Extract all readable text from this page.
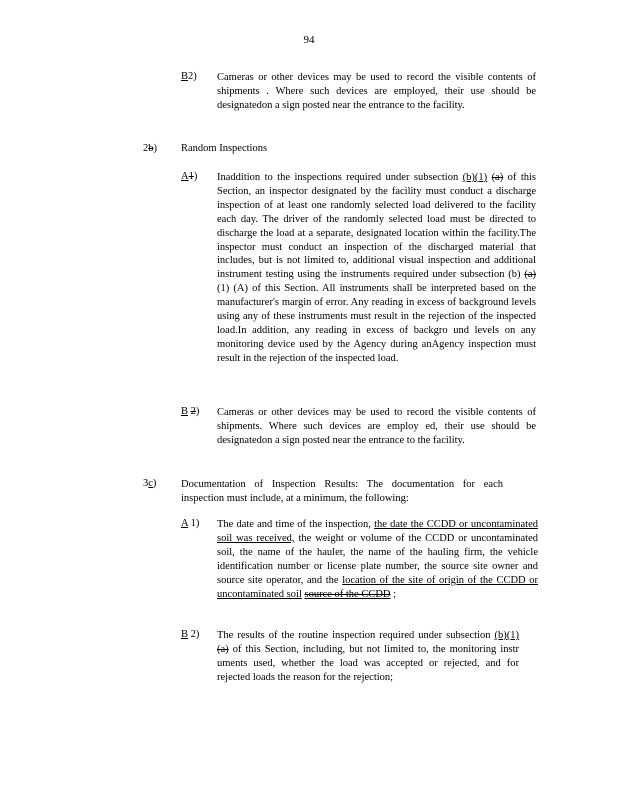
94
B2) Cameras or other devices may be used to record the visible contents of shipments . Where such devices are employed, their use should be designatedon a sign posted near the entrance to the facility.
2b) Random Inspections
A1) Inaddition to the inspections required under subsection (b)(1) (a) of this Section, an inspector designated by the facility must conduct a discharge inspection of at least one randomly selected load delivered to the facility each day. The driver of the randomly selected load must be directed to discharge the load at a separate, designated location within the facility.The inspector must conduct an inspection of the discharged material that includes, but is not limited to, additional visual inspection and additional instrument testing using the instruments required under subsection (b) (a) (1) (A) of this Section. All instruments shall be interpreted based on the manufacturer's margin of error. Any reading in excess of background levels using any of these instruments must result in the rejection of the inspected load.In addition, any reading in excess of backgro und levels on any monitoring device used by the Agency during anAgency inspection must result in the rejection of the inspected load.
B 2) Cameras or other devices may be used to record the visible contents of shipments. Where such devices are employ ed, their use should be designatedon a sign posted near the entrance to the facility.
3c) Documentation of Inspection Results: The documentation for each inspection must include, at a minimum, the following:
A 1) The date and time of the inspection, the date the CCDD or uncontaminated soil was received, the weight or volume of the CCDD or uncontaminated soil, the name of the hauler, the name of the hauling firm, the vehicle identification number or license plate number, the source site owner and source site operator, and the location of the site of origin of the CCDD or uncontaminated soil source of the CCDD ;
B 2) The results of the routine inspection required under subsection (b)(1) (a) of this Section, including, but not limited to, the monitoring instr uments used, whether the load was accepted or rejected, and for rejected loads the reason for the rejection;
